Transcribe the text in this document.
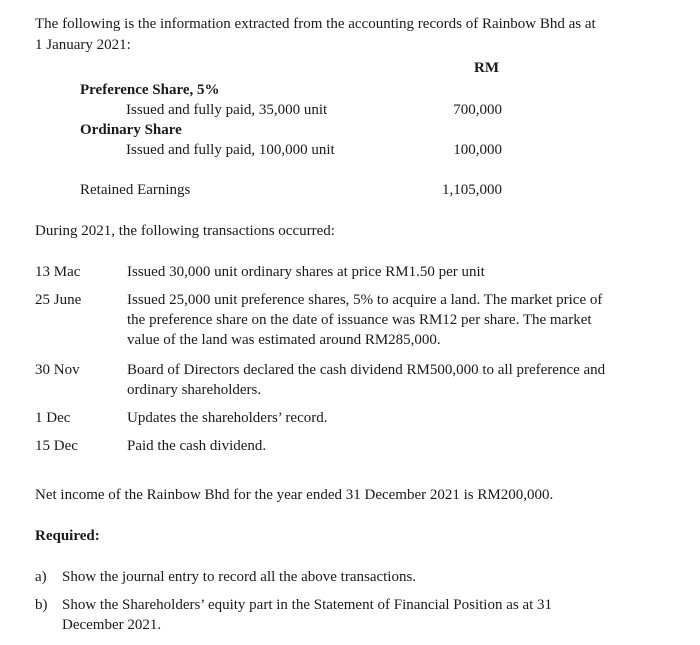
The following is the information extracted from the accounting records of Rainbow Bhd as at
1 January 2021:
RM
Preference Share, 5%
Issued and fully paid, 35,000 unit	700,000
Ordinary Share
Issued and fully paid, 100,000 unit	100,000
Retained Earnings	1,105,000
During 2021, the following transactions occurred:
13 Mac	Issued 30,000 unit ordinary shares at price RM1.50 per unit
25 June	Issued 25,000 unit preference shares, 5% to acquire a land. The market price of
the preference share on the date of issuance was RM12 per share. The market
value of the land was estimated around RM285,000.
30 Nov	Board of Directors declared the cash dividend RM500,000 to all preference and
ordinary shareholders.
1 Dec	Updates the shareholders’ record.
15 Dec	Paid the cash dividend.
Net income of the Rainbow Bhd for the year ended 31 December 2021 is RM200,000.
Required:
a) Show the journal entry to record all the above transactions.
b) Show the Shareholders’ equity part in the Statement of Financial Position as at 31
December 2021.
